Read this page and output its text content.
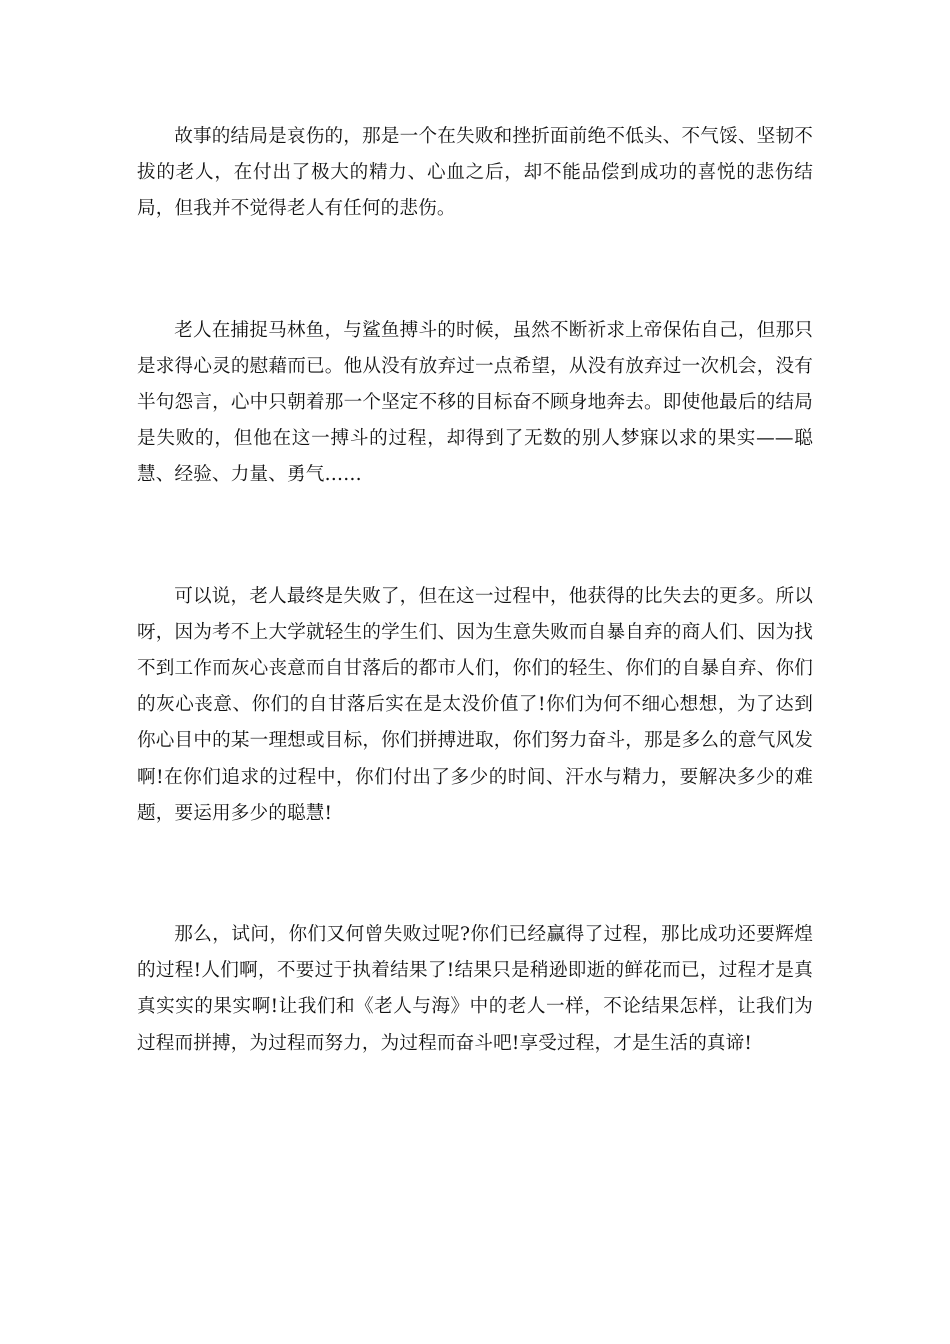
故事的结局是哀伤的，那是一个在失败和挫折面前绝不低头、不气馁、坚韧不拔的老人，在付出了极大的精力、心血之后，却不能品偿到成功的喜悦的悲伤结局，但我并不觉得老人有任何的悲伤。

老人在捕捉马林鱼，与鲨鱼搏斗的时候，虽然不断祈求上帝保佑自己，但那只是求得心灵的慰藉而已。他从没有放弃过一点希望，从没有放弃过一次机会，没有半句怨言，心中只朝着那一个坚定不移的目标奋不顾身地奔去。即使他最后的结局是失败的，但他在这一搏斗的过程，却得到了无数的别人梦寐以求的果实——聪慧、经验、力量、勇气……

可以说，老人最终是失败了，但在这一过程中，他获得的比失去的更多。所以呀，因为考不上大学就轻生的学生们、因为生意失败而自暴自弃的商人们、因为找不到工作而灰心丧意而自甘落后的都市人们，你们的轻生、你们的自暴自弃、你们的灰心丧意、你们的自甘落后实在是太没价值了!你们为何不细心想想，为了达到你心目中的某一理想或目标，你们拼搏进取，你们努力奋斗，那是多么的意气风发啊!在你们追求的过程中，你们付出了多少的时间、汗水与精力，要解决多少的难题，要运用多少的聪慧!

那么，试问，你们又何曾失败过呢?你们已经赢得了过程，那比成功还要辉煌的过程!人们啊，不要过于执着结果了!结果只是稍逊即逝的鲜花而已，过程才是真真实实的果实啊!让我们和《老人与海》中的老人一样，不论结果怎样，让我们为过程而拼搏，为过程而努力，为过程而奋斗吧!享受过程，才是生活的真谛!
